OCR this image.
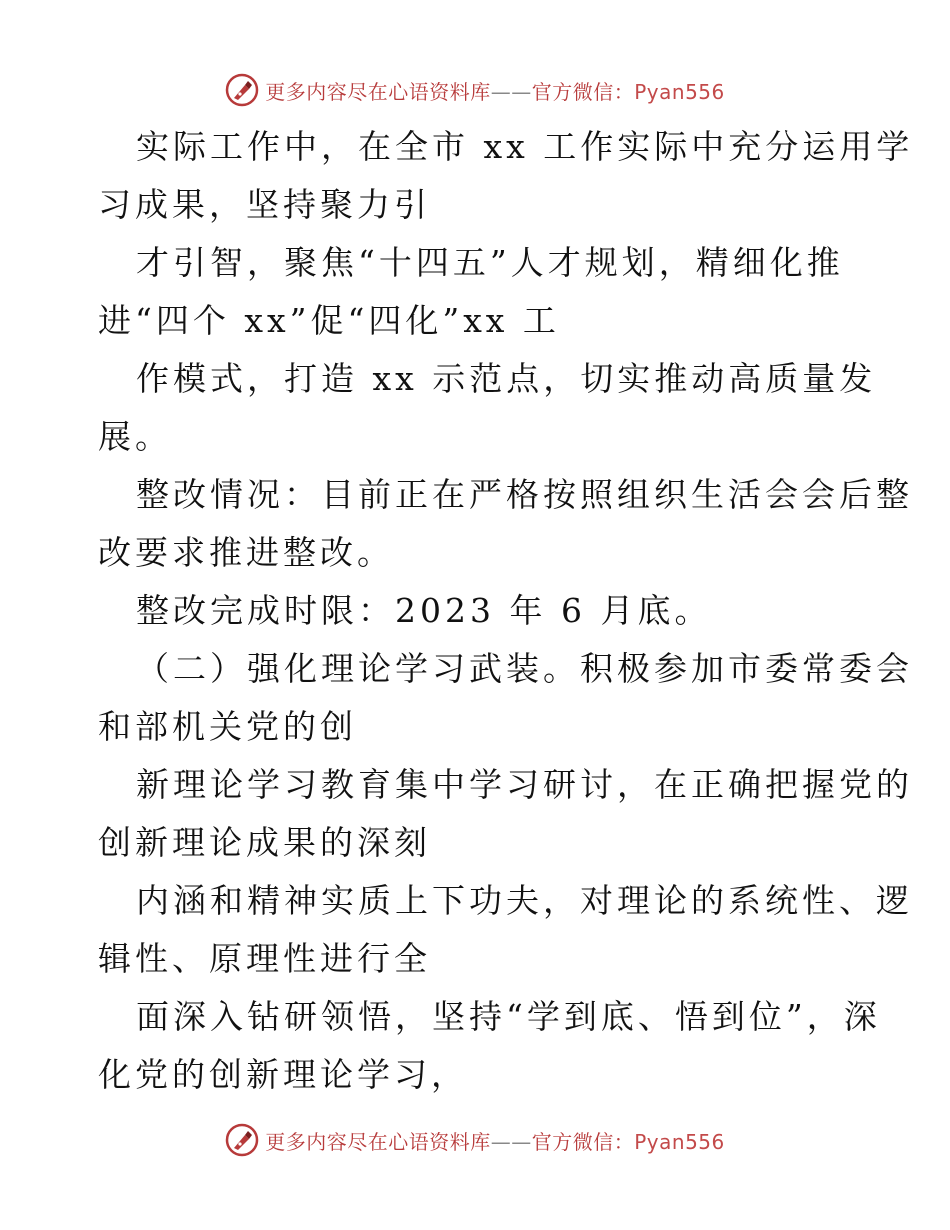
更多内容尽在心语资料库——官方微信：Pyan556
实际工作中，在全市 xx 工作实际中充分运用学
习成果，坚持聚力引
才引智，聚焦“十四五”人才规划，精细化推
进“四个 xx”促“四化”xx 工
作模式，打造 xx 示范点，切实推动高质量发
展。
整改情况：目前正在严格按照组织生活会会后整
改要求推进整改。
整改完成时限：2023 年 6 月底。
（二）强化理论学习武装。积极参加市委常委会
和部机关党的创
新理论学习教育集中学习研讨，在正确把握党的
创新理论成果的深刻
内涵和精神实质上下功夫，对理论的系统性、逻
辑性、原理性进行全
面深入钻研领悟，坚持“学到底、悟到位”，深
化党的创新理论学习，
更多内容尽在心语资料库——官方微信：Pyan556
